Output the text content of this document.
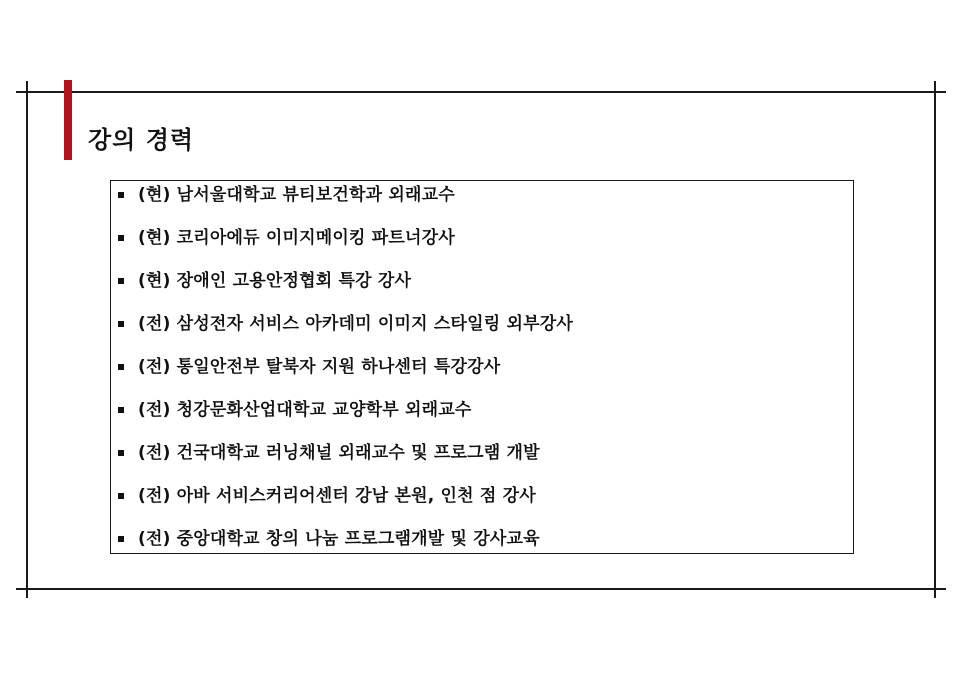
강의 경력
(현) 남서울대학교 뷰티보건학과 외래교수
(현) 코리아에듀 이미지메이킹 파트너강사
(현) 장애인 고용안정협회 특강 강사
(전) 삼성전자 서비스 아카데미 이미지 스타일링 외부강사
(전) 통일안전부 탈북자 지원 하나센터 특강강사
(전) 청강문화산업대학교 교양학부 외래교수
(전) 건국대학교 러닝채널 외래교수 및 프로그램 개발
(전) 아바 서비스커리어센터 강남 본원, 인천 점 강사
(전) 중앙대학교 창의 나눔 프로그램개발 및 강사교육
